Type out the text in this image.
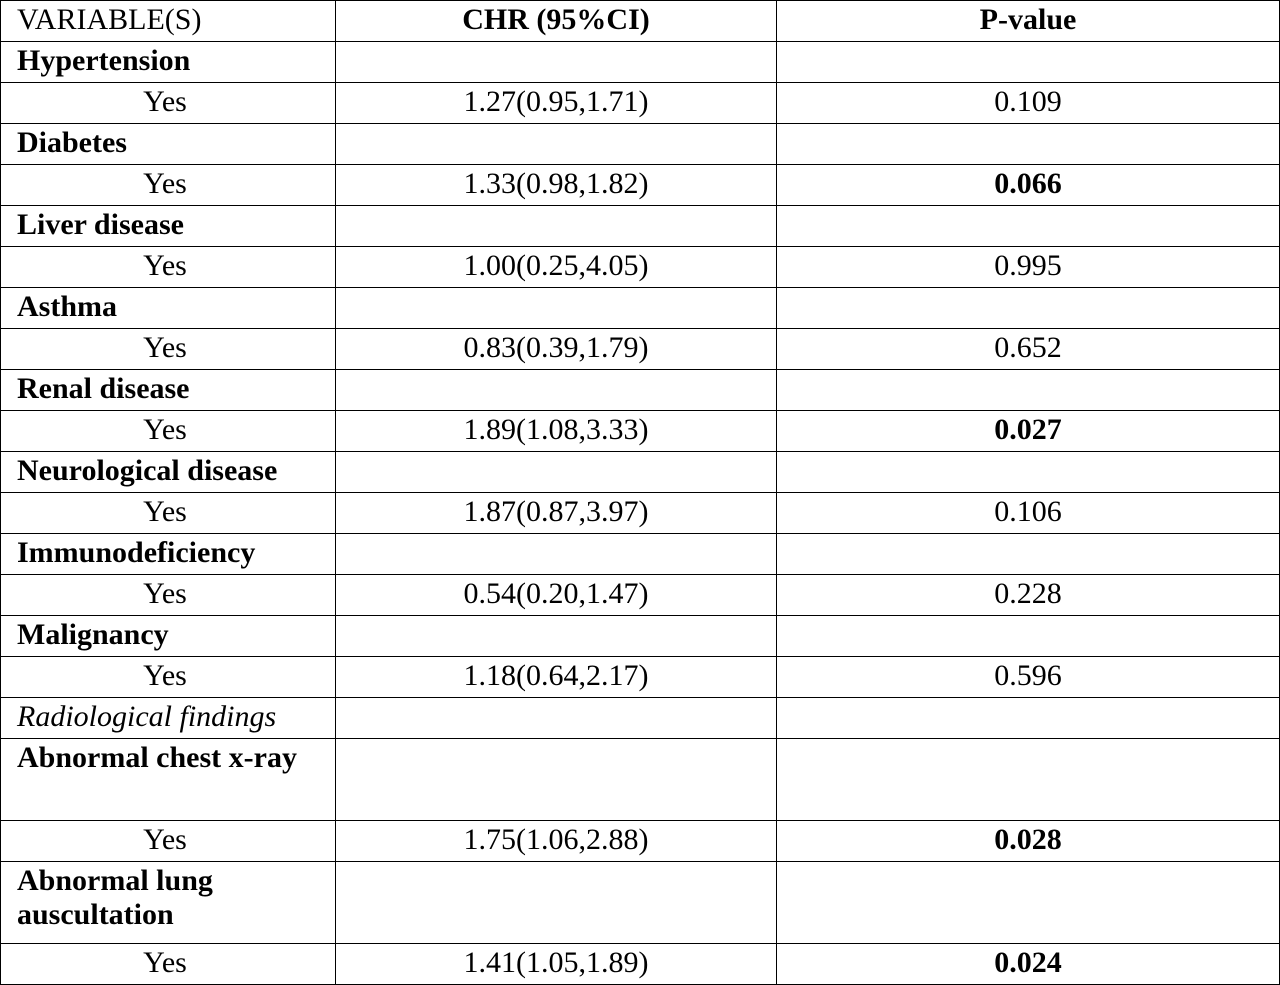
VARIABLE(S)	CHR (95%CI)	P-value
Hypertension		
Yes	1.27(0.95,1.71)	0.109
Diabetes		
Yes	1.33(0.98,1.82)	0.066
Liver disease		
Yes	1.00(0.25,4.05)	0.995
Asthma		
Yes	0.83(0.39,1.79)	0.652
Renal disease		
Yes	1.89(1.08,3.33)	0.027
Neurological disease		
Yes	1.87(0.87,3.97)	0.106
Immunodeficiency		
Yes	0.54(0.20,1.47)	0.228
Malignancy		
Yes	1.18(0.64,2.17)	0.596
Radiological findings		
Abnormal chest x-ray		
Yes	1.75(1.06,2.88)	0.028
Abnormal lung auscultation		
Yes	1.41(1.05,1.89)	0.024
